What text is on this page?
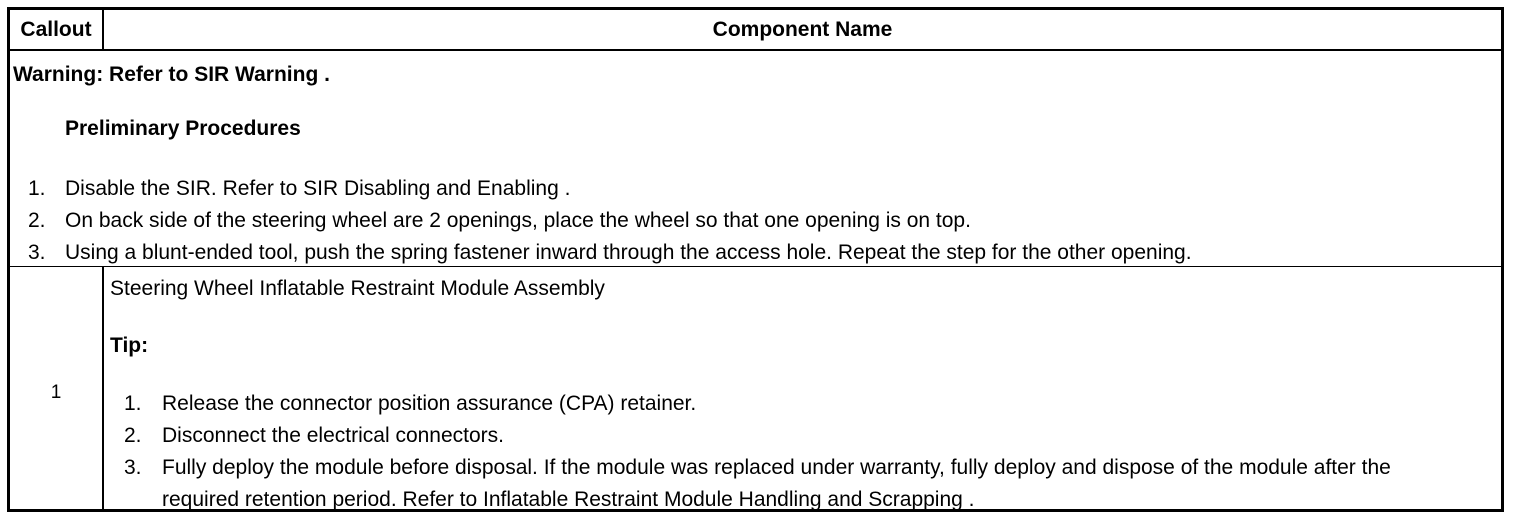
Callout	Component Name
Warning: Refer to SIR Warning .
Preliminary Procedures
1. Disable the SIR. Refer to SIR Disabling and Enabling .
2. On back side of the steering wheel are 2 openings, place the wheel so that one opening is on top.
3. Using a blunt-ended tool, push the spring fastener inward through the access hole. Repeat the step for the other opening.
1
Steering Wheel Inflatable Restraint Module Assembly
Tip:
1. Release the connector position assurance (CPA) retainer.
2. Disconnect the electrical connectors.
3. Fully deploy the module before disposal. If the module was replaced under warranty, fully deploy and dispose of the module after the required retention period. Refer to Inflatable Restraint Module Handling and Scrapping .
